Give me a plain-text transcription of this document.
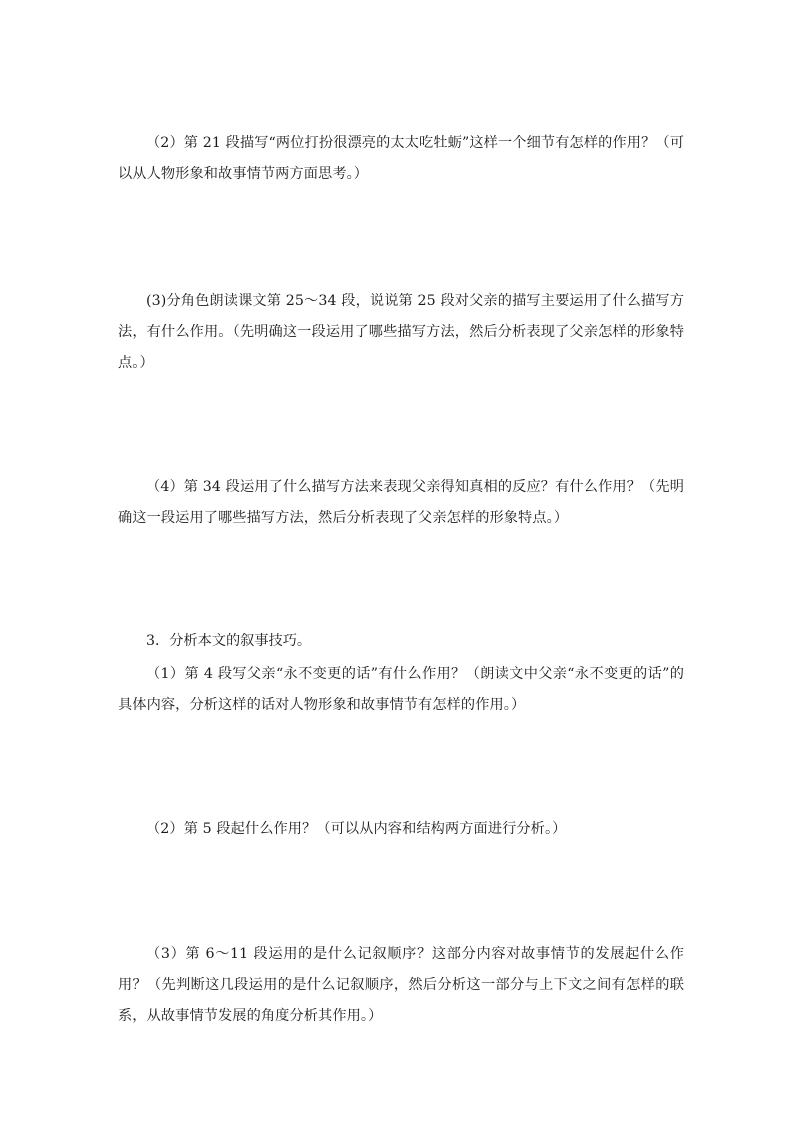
（2）第 21 段描写“两位打扮很漂亮的太太吃牡蛎”这样一个细节有怎样的作用？（可以从人物形象和故事情节两方面思考。）

(3)分角色朗读课文第 25～34 段，说说第 25 段对父亲的描写主要运用了什么描写方法，有什么作用。（先明确这一段运用了哪些描写方法，然后分析表现了父亲怎样的形象特点。）

（4）第 34 段运用了什么描写方法来表现父亲得知真相的反应？有什么作用？（先明确这一段运用了哪些描写方法，然后分析表现了父亲怎样的形象特点。）

3．分析本文的叙事技巧。

（1）第 4 段写父亲“永不变更的话”有什么作用？（朗读文中父亲“永不变更的话”的具体内容，分析这样的话对人物形象和故事情节有怎样的作用。）

（2）第 5 段起什么作用？（可以从内容和结构两方面进行分析。）

（3）第 6～11 段运用的是什么记叙顺序？这部分内容对故事情节的发展起什么作用？（先判断这几段运用的是什么记叙顺序，然后分析这一部分与上下文之间有怎样的联系，从故事情节发展的角度分析其作用。）
